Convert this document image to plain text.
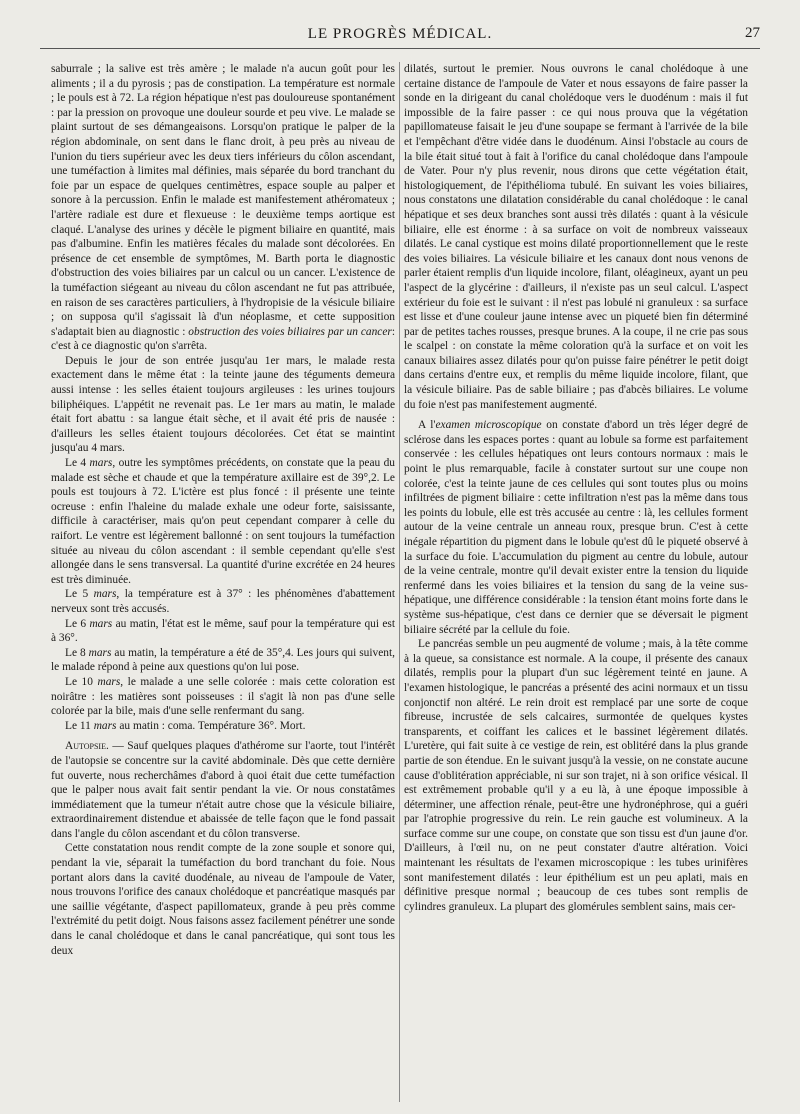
LE PROGRÈS MÉDICAL.	27

saburrale ; la salive est très amère ; le malade n'a aucun goût pour les aliments ; il a du pyrosis ; pas de constipation. La température est normale ; le pouls est à 72. La région hépatique n'est pas douloureuse spontanément : par la pression on provoque une douleur sourde et peu vive. Le malade se plaint surtout de ses démangeaisons. Lorsqu'on pratique le palper de la région abdominale, on sent dans le flanc droit, à peu près au niveau de l'union du tiers supérieur avec les deux tiers inférieurs du côlon ascendant, une tuméfaction à limites mal définies, mais séparée du bord tranchant du foie par un espace de quelques centimètres, espace souple au palper et sonore à la percussion. Enfin le malade est manifestement athéromateux ; l'artère radiale est dure et flexueuse : le deuxième temps aortique est claqué. L'analyse des urines y décèle le pigment biliaire en quantité, mais pas d'albumine. Enfin les matières fécales du malade sont décolorées. En présence de cet ensemble de symptômes, M. Barth porta le diagnostic d'obstruction des voies biliaires par un calcul ou un cancer. L'existence de la tuméfaction siégeant au niveau du côlon ascendant ne fut pas attribuée, en raison de ses caractères particuliers, à l'hydropisie de la vésicule biliaire ; on supposa qu'il s'agissait là d'un néoplasme, et cette supposition s'adaptait bien au diagnostic : obstruction des voies biliaires par un cancer: c'est à ce diagnostic qu'on s'arrêta.

Depuis le jour de son entrée jusqu'au 1er mars, le malade resta exactement dans le même état : la teinte jaune des téguments demeura aussi intense : les selles étaient toujours argileuses : les urines toujours biliphéiques. L'appétit ne revenait pas. Le 1er mars au matin, le malade était fort abattu : sa langue était sèche, et il avait été pris de nausée : d'ailleurs les selles étaient toujours décolorées. Cet état se maintint jusqu'au 4 mars.

Le 4 mars, outre les symptômes précédents, on constate que la peau du malade est sèche et chaude et que la température axillaire est de 39°,2. Le pouls est toujours à 72. L'ictère est plus foncé : il présente une teinte ocreuse : enfin l'haleine du malade exhale une odeur forte, saisissante, difficile à caractériser, mais qu'on peut cependant comparer à celle du raifort. Le ventre est légèrement ballonné : on sent toujours la tuméfaction située au niveau du côlon ascendant : il semble cependant qu'elle s'est allongée dans le sens transversal. La quantité d'urine excrétée en 24 heures est très diminuée.

Le 5 mars, la température est à 37° : les phénomènes d'abattement nerveux sont très accusés.

Le 6 mars au matin, l'état est le même, sauf pour la température qui est à 36°.

Le 8 mars au matin, la température a été de 35°,4. Les jours qui suivent, le malade répond à peine aux questions qu'on lui pose.

Le 10 mars, le malade a une selle colorée : mais cette coloration est noirâtre : les matières sont poisseuses : il s'agit là non pas d'une selle colorée par la bile, mais d'une selle renfermant du sang.

Le 11 mars au matin : coma. Température 36°. Mort.

Autopsie. — Sauf quelques plaques d'athérome sur l'aorte, tout l'intérêt de l'autopsie se concentre sur la cavité abdominale. Dès que cette dernière fut ouverte, nous recherchâmes d'abord à quoi était due cette tuméfaction que le palper nous avait fait sentir pendant la vie. Or nous constatâmes immédiatement que la tumeur n'était autre chose que la vésicule biliaire, extraordinairement distendue et abaissée de telle façon que le fond passait dans l'angle du côlon ascendant et du côlon transverse.

Cette constatation nous rendit compte de la zone souple et sonore qui, pendant la vie, séparait la tuméfaction du bord tranchant du foie. Nous portant alors dans la cavité duodénale, au niveau de l'ampoule de Vater, nous trouvons l'orifice des canaux cholédoque et pancréatique masqués par une saillie végétante, d'aspect papillomateux, grande à peu près comme l'extrémité du petit doigt. Nous faisons assez facilement pénétrer une sonde dans le canal cholédoque et dans le canal pancréatique, qui sont tous les deux

dilatés, surtout le premier. Nous ouvrons le canal cholédoque à une certaine distance de l'ampoule de Vater et nous essayons de faire passer la sonde en la dirigeant du canal cholédoque vers le duodénum : mais il fut impossible de la faire passer : ce qui nous prouva que la végétation papillomateuse faisait le jeu d'une soupape se fermant à l'arrivée de la bile et l'empêchant d'être vidée dans le duodénum. Ainsi l'obstacle au cours de la bile était situé tout à fait à l'orifice du canal cholédoque dans l'ampoule de Vater. Pour n'y plus revenir, nous dirons que cette végétation était, histologiquement, de l'épithélioma tubulé. En suivant les voies biliaires, nous constatons une dilatation considérable du canal cholédoque : le canal hépatique et ses deux branches sont aussi très dilatés : quant à la vésicule biliaire, elle est énorme : à sa surface on voit de nombreux vaisseaux dilatés. Le canal cystique est moins dilaté proportionnellement que le reste des voies biliaires. La vésicule biliaire et les canaux dont nous venons de parler étaient remplis d'un liquide incolore, filant, oléagineux, ayant un peu l'aspect de la glycérine : d'ailleurs, il n'existe pas un seul calcul. L'aspect extérieur du foie est le suivant : il n'est pas lobulé ni granuleux : sa surface est lisse et d'une couleur jaune intense avec un piqueté bien fin déterminé par de petites taches rousses, presque brunes. A la coupe, il ne crie pas sous le scalpel : on constate la même coloration qu'à la surface et on voit les canaux biliaires assez dilatés pour qu'on puisse faire pénétrer le petit doigt dans certains d'entre eux, et remplis du même liquide incolore, filant, que la vésicule biliaire. Pas de sable biliaire ; pas d'abcès biliaires. Le volume du foie n'est pas manifestement augmenté.

A l'examen microscopique on constate d'abord un très léger degré de sclérose dans les espaces portes : quant au lobule sa forme est parfaitement conservée : les cellules hépatiques ont leurs contours normaux : mais le point le plus remarquable, facile à constater surtout sur une coupe non colorée, c'est la teinte jaune de ces cellules qui sont toutes plus ou moins infiltrées de pigment biliaire : cette infiltration n'est pas la même dans tous les points du lobule, elle est très accusée au centre : là, les cellules forment autour de la veine centrale un anneau roux, presque brun. C'est à cette inégale répartition du pigment dans le lobule qu'est dû le piqueté observé à la surface du foie. L'accumulation du pigment au centre du lobule, autour de la veine centrale, montre qu'il devait exister entre la tension du liquide renfermé dans les voies biliaires et la tension du sang de la veine sus-hépatique, une différence considérable : la tension étant moins forte dans le système sus-hépatique, c'est dans ce dernier que se déversait le pigment biliaire sécrété par la cellule du foie.

Le pancréas semble un peu augmenté de volume ; mais, à la tête comme à la queue, sa consistance est normale. A la coupe, il présente des canaux dilatés, remplis pour la plupart d'un suc légèrement teinté en jaune. A l'examen histologique, le pancréas a présenté des acini normaux et un tissu conjonctif non altéré. Le rein droit est remplacé par une sorte de coque fibreuse, incrustée de sels calcaires, surmontée de quelques kystes transparents, et coiffant les calices et le bassinet légèrement dilatés. L'uretère, qui fait suite à ce vestige de rein, est oblitéré dans la plus grande partie de son étendue. En le suivant jusqu'à la vessie, on ne constate aucune cause d'oblitération appréciable, ni sur son trajet, ni à son orifice vésical. Il est extrêmement probable qu'il y a eu là, à une époque impossible à déterminer, une affection rénale, peut-être une hydronéphrose, qui a guéri par l'atrophie progressive du rein. Le rein gauche est volumineux. A la surface comme sur une coupe, on constate que son tissu est d'un jaune d'or. D'ailleurs, à l'œil nu, on ne peut constater d'autre altération. Voici maintenant les résultats de l'examen microscopique : les tubes urinifères sont manifestement dilatés : leur épithélium est un peu aplati, mais en définitive presque normal ; beaucoup de ces tubes sont remplis de cylindres granuleux. La plupart des glomérules semblent sains, mais cer-
